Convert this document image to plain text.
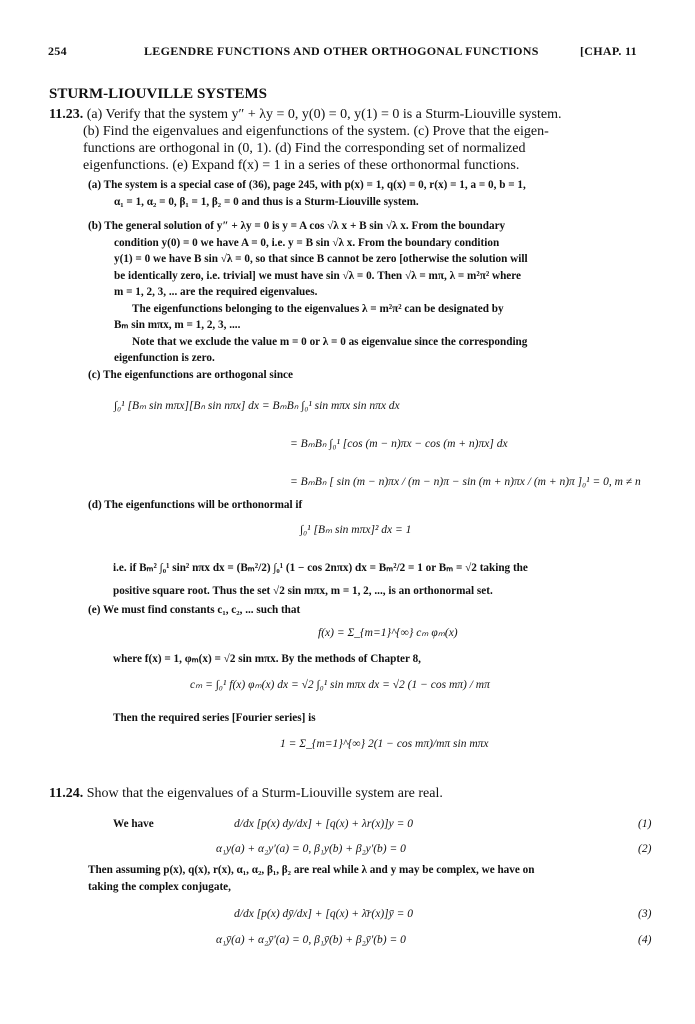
254	LEGENDRE FUNCTIONS AND OTHER ORTHOGONAL FUNCTIONS	[CHAP. 11
STURM-LIOUVILLE SYSTEMS
11.23. (a) Verify that the system y″ + λy = 0, y(0) = 0, y(1) = 0 is a Sturm-Liouville system.
(b) Find the eigenvalues and eigenfunctions of the system. (c) Prove that the eigen-
functions are orthogonal in (0, 1). (d) Find the corresponding set of normalized
eigenfunctions. (e) Expand f(x) = 1 in a series of these orthonormal functions.
(a) The system is a special case of (36), page 245, with p(x) = 1, q(x) = 0, r(x) = 1, a = 0, b = 1,
α₁ = 1, α₂ = 0, β₁ = 1, β₂ = 0 and thus is a Sturm-Liouville system.
(b) The general solution of y″ + λy = 0 is y = A cos √λ x + B sin √λ x. From the boundary
condition y(0) = 0 we have A = 0, i.e. y = B sin √λ x. From the boundary condition
y(1) = 0 we have B sin √λ = 0, so that since B cannot be zero [otherwise the solution will
be identically zero, i.e. trivial] we must have sin √λ = 0. Then √λ = mπ, λ = m²π² where
m = 1, 2, 3, ... are the required eigenvalues.
The eigenfunctions belonging to the eigenvalues λ = m²π² can be designated by
Bₘ sin mπx, m = 1, 2, 3, ....
Note that we exclude the value m = 0 or λ = 0 as eigenvalue since the corresponding
eigenfunction is zero.
(c) The eigenfunctions are orthogonal since
∫₀¹ [Bₘ sin mπx][Bₙ sin nπx] dx = BₘBₙ ∫₀¹ sin mπx sin nπx dx
= BₘBₙ ∫₀¹ [cos (m − n)πx − cos (m + n)πx] dx
= BₘBₙ [ sin (m − n)πx / (m − n)π − sin (m + n)πx / (m + n)π ]₀¹ = 0, m ≠ n
(d) The eigenfunctions will be orthonormal if
∫₀¹ [Bₘ sin mπx]² dx = 1
i.e. if Bₘ² ∫₀¹ sin² nπx dx = (Bₘ²/2) ∫₀¹ (1 − cos 2nπx) dx = Bₘ²/2 = 1 or Bₘ = √2 taking the
positive square root. Thus the set √2 sin mπx, m = 1, 2, ..., is an orthonormal set.
(e) We must find constants c₁, c₂, ... such that
f(x) = Σ_{m=1}^{∞} cₘ φₘ(x)
where f(x) = 1, φₘ(x) = √2 sin mπx. By the methods of Chapter 8,
cₘ = ∫₀¹ f(x) φₘ(x) dx = √2 ∫₀¹ sin mπx dx = √2 (1 − cos mπ) / mπ
Then the required series [Fourier series] is
1 = Σ_{m=1}^{∞} 2(1 − cos mπ)/mπ sin mπx
11.24. Show that the eigenvalues of a Sturm-Liouville system are real.
We have	d/dx [p(x) dy/dx] + [q(x) + λr(x)]y = 0	(1)
α₁y(a) + α₂y′(a) = 0, β₁y(b) + β₂y′(b) = 0	(2)
Then assuming p(x), q(x), r(x), α₁, α₂, β₁, β₂ are real while λ and y may be complex, we have on
taking the complex conjugate,
d/dx [p(x) dȳ/dx] + [q(x) + λ̄r(x)]ȳ = 0	(3)
α₁ȳ(a) + α₂ȳ′(a) = 0, β₁ȳ(b) + β₂ȳ′(b) = 0	(4)
